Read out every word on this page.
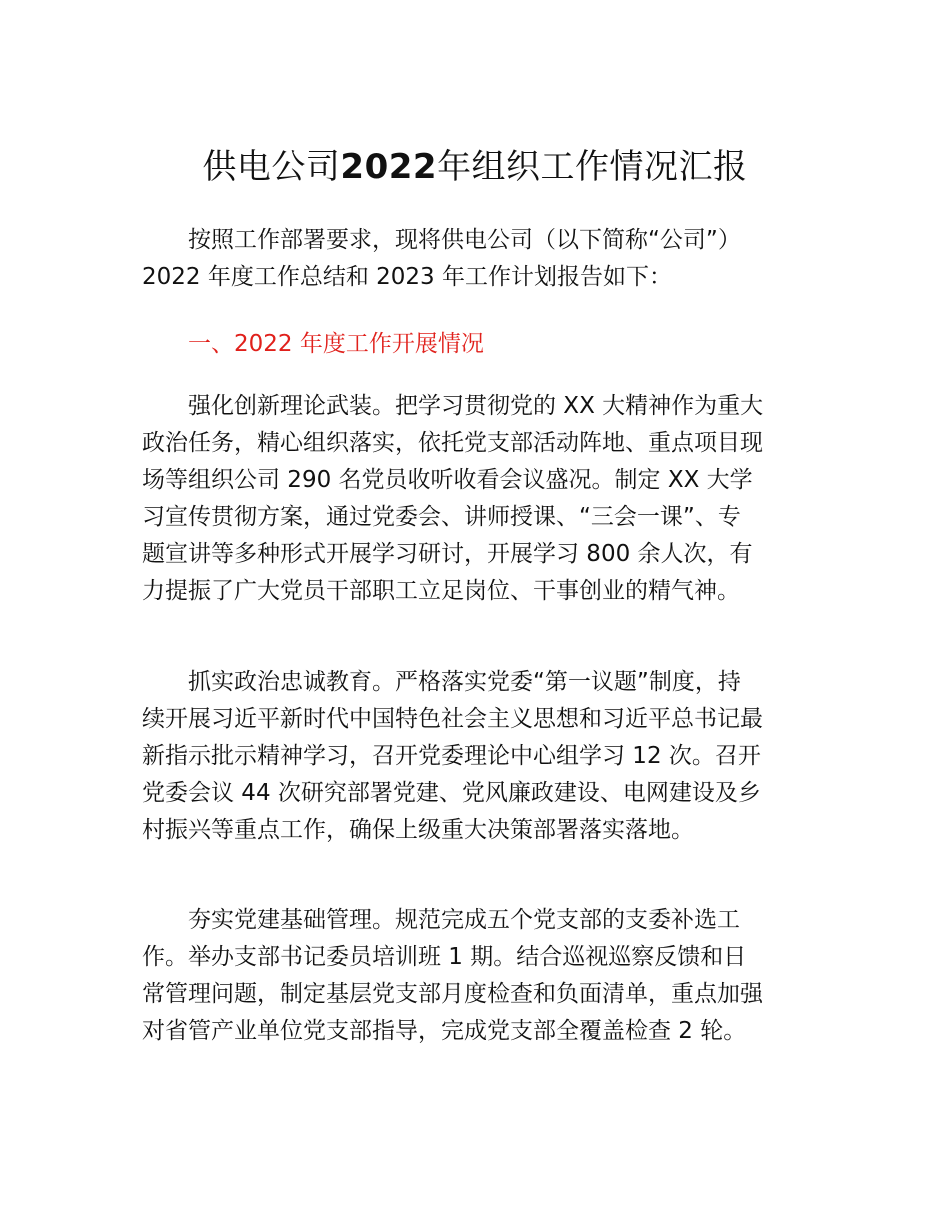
供电公司2022年组织工作情况汇报
按照工作部署要求，现将供电公司（以下简称“公司”）
2022 年度工作总结和 2023 年工作计划报告如下：
一、2022 年度工作开展情况
强化创新理论武装。把学习贯彻党的 XX 大精神作为重大
政治任务，精心组织落实，依托党支部活动阵地、重点项目现
场等组织公司 290 名党员收听收看会议盛况。制定 XX 大学
习宣传贯彻方案，通过党委会、讲师授课、“三会一课”、专
题宣讲等多种形式开展学习研讨，开展学习 800 余人次，有
力提振了广大党员干部职工立足岗位、干事创业的精气神。
抓实政治忠诚教育。严格落实党委“第一议题”制度，持
续开展习近平新时代中国特色社会主义思想和习近平总书记最
新指示批示精神学习，召开党委理论中心组学习 12 次。召开
党委会议 44 次研究部署党建、党风廉政建设、电网建设及乡
村振兴等重点工作，确保上级重大决策部署落实落地。
夯实党建基础管理。规范完成五个党支部的支委补选工
作。举办支部书记委员培训班 1 期。结合巡视巡察反馈和日
常管理问题，制定基层党支部月度检查和负面清单，重点加强
对省管产业单位党支部指导，完成党支部全覆盖检查 2 轮。
